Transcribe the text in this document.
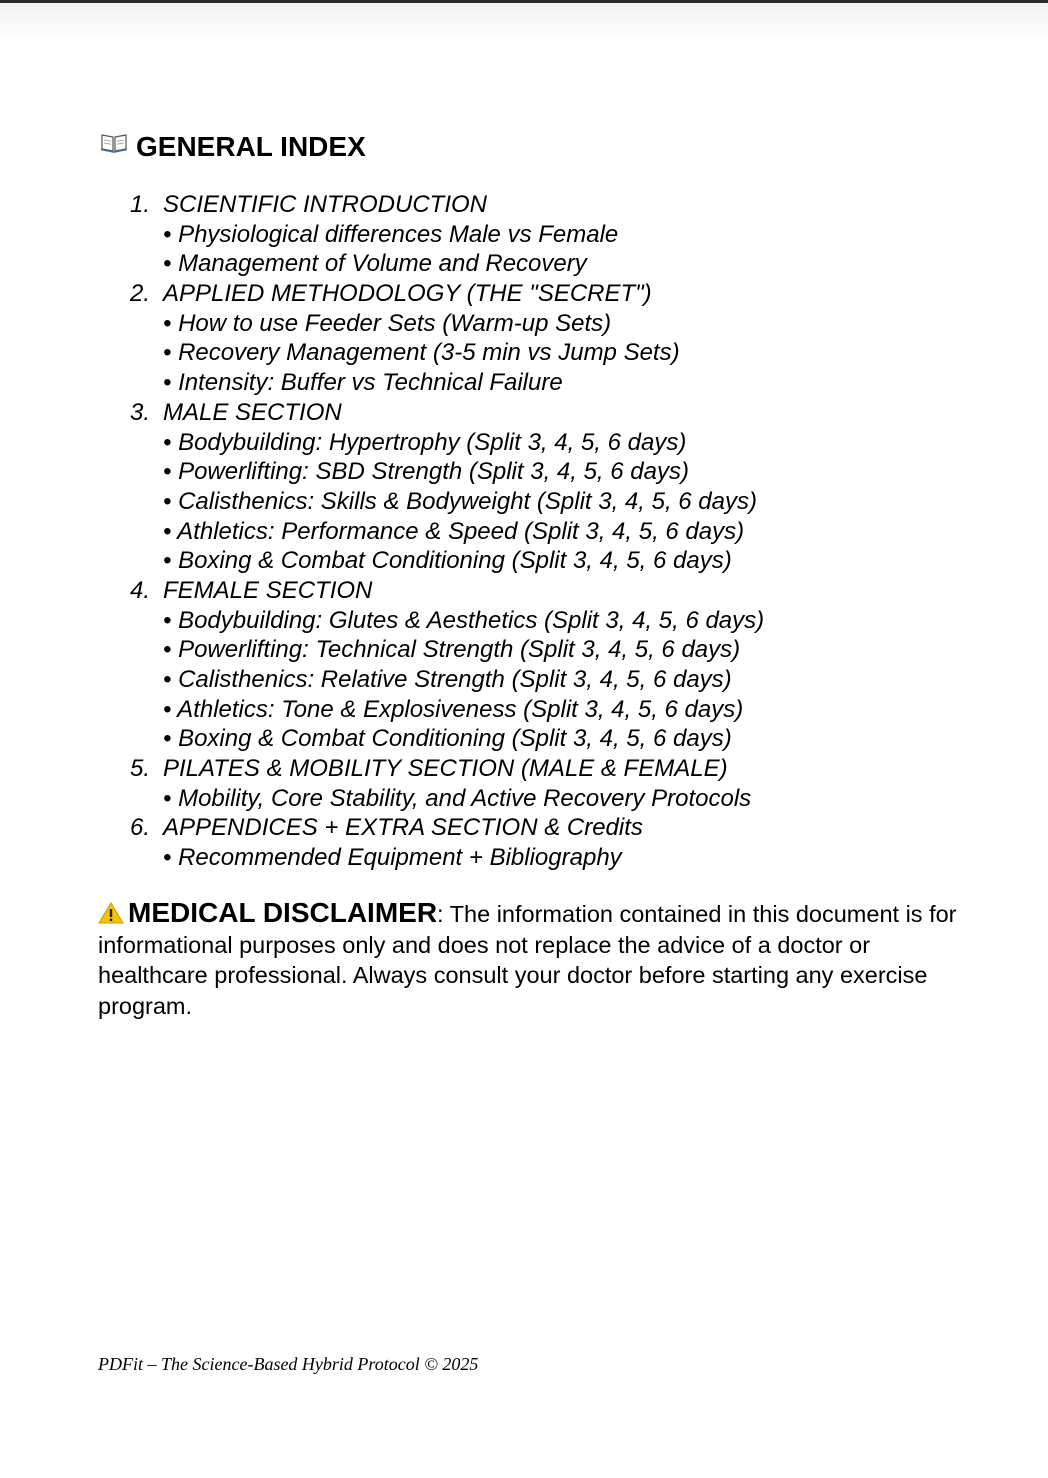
GENERAL INDEX
1. SCIENTIFIC INTRODUCTION
• Physiological differences Male vs Female
• Management of Volume and Recovery
2. APPLIED METHODOLOGY (THE "SECRET")
• How to use Feeder Sets (Warm-up Sets)
• Recovery Management (3-5 min vs Jump Sets)
• Intensity: Buffer vs Technical Failure
3. MALE SECTION
• Bodybuilding: Hypertrophy (Split 3, 4, 5, 6 days)
• Powerlifting: SBD Strength (Split 3, 4, 5, 6 days)
• Calisthenics: Skills & Bodyweight (Split 3, 4, 5, 6 days)
• Athletics: Performance & Speed (Split 3, 4, 5, 6 days)
• Boxing & Combat Conditioning (Split 3, 4, 5, 6 days)
4. FEMALE SECTION
• Bodybuilding: Glutes & Aesthetics (Split 3, 4, 5, 6 days)
• Powerlifting: Technical Strength (Split 3, 4, 5, 6 days)
• Calisthenics: Relative Strength (Split 3, 4, 5, 6 days)
• Athletics: Tone & Explosiveness (Split 3, 4, 5, 6 days)
• Boxing & Combat Conditioning (Split 3, 4, 5, 6 days)
5. PILATES & MOBILITY SECTION (MALE & FEMALE)
• Mobility, Core Stability, and Active Recovery Protocols
6. APPENDICES + EXTRA SECTION & Credits
• Recommended Equipment + Bibliography
MEDICAL DISCLAIMER: The information contained in this document is for informational purposes only and does not replace the advice of a doctor or healthcare professional. Always consult your doctor before starting any exercise program.
PDFit – The Science-Based Hybrid Protocol © 2025
